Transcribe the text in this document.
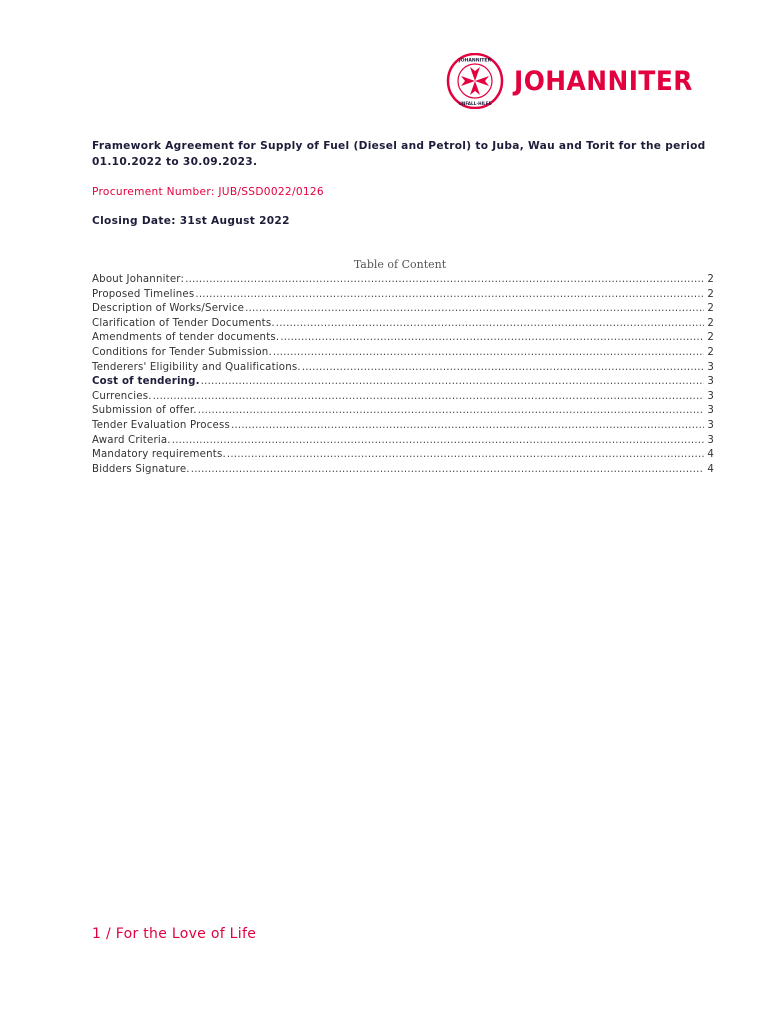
JOHANNITER
UNFALL-HILFE
JOHANNITER
Framework Agreement for Supply of Fuel (Diesel and Petrol) to Juba, Wau and Torit for the period 01.10.2022 to 30.09.2023.
Procurement Number: JUB/SSD0022/0126
Closing Date: 31st August 2022
Table of Content
About Johanniter: .....	2
Proposed Timelines .....	2
Description of Works/Service .....	2
Clarification of Tender Documents. .....	2
Amendments of tender documents. .....	2
Conditions for Tender Submission. .....	2
Tenderers' Eligibility and Qualifications. .....	3
Cost of tendering. .....	3
Currencies. .....	3
Submission of offer. .....	3
Tender Evaluation Process .....	3
Award Criteria. .....	3
Mandatory requirements. .....	4
Bidders Signature. .....	4
1 / For the Love of Life
